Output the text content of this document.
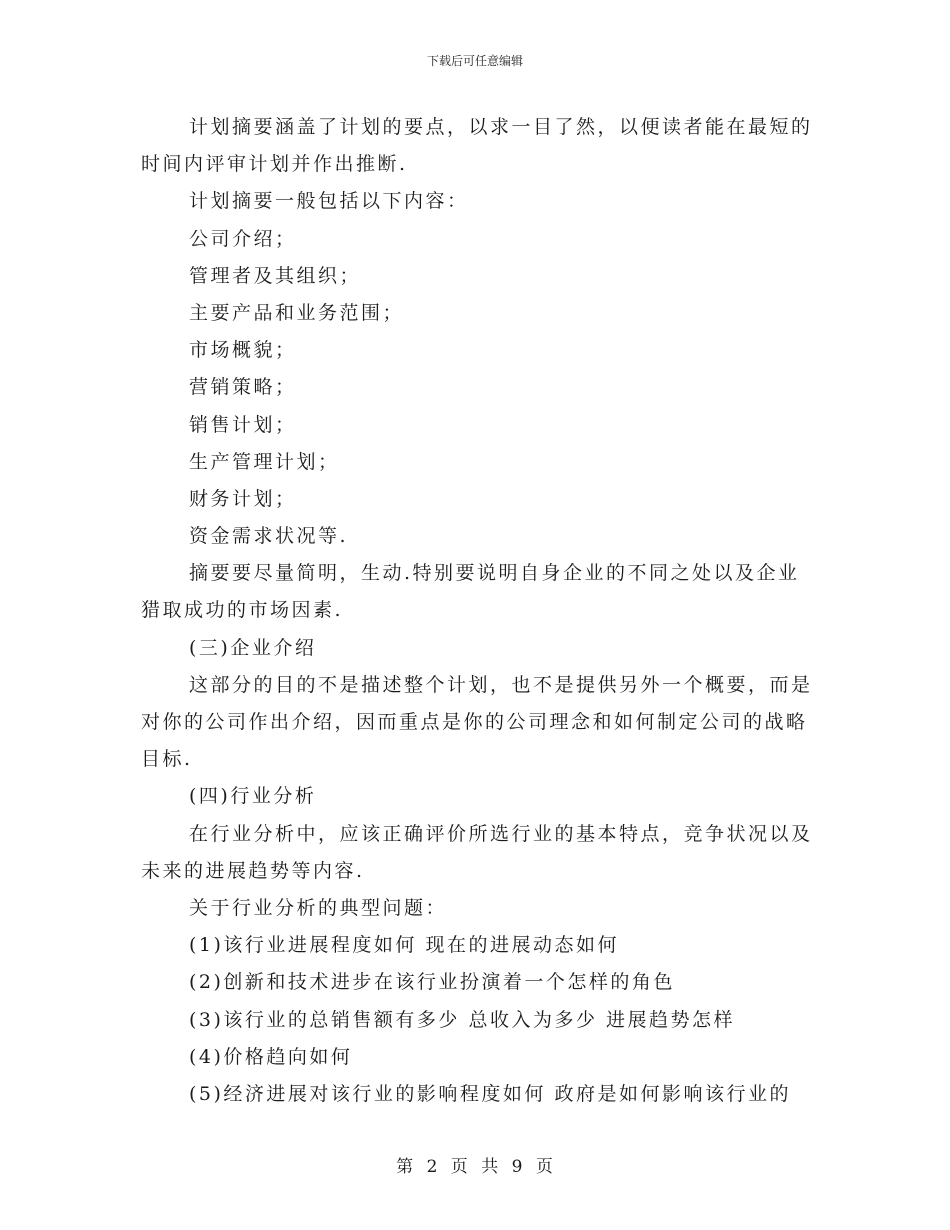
下载后可任意编辑
计划摘要涵盖了计划的要点，以求一目了然，以便读者能在最短的
时间内评审计划并作出推断.
计划摘要一般包括以下内容：
公司介绍；
管理者及其组织；
主要产品和业务范围；
市场概貌；
营销策略；
销售计划；
生产管理计划；
财务计划；
资金需求状况等.
摘要要尽量简明，生动.特别要说明自身企业的不同之处以及企业
猎取成功的市场因素.
(三)企业介绍
这部分的目的不是描述整个计划，也不是提供另外一个概要，而是
对你的公司作出介绍，因而重点是你的公司理念和如何制定公司的战略
目标.
(四)行业分析
在行业分析中，应该正确评价所选行业的基本特点，竞争状况以及
未来的进展趋势等内容.
关于行业分析的典型问题：
(1)该行业进展程度如何 现在的进展动态如何
(2)创新和技术进步在该行业扮演着一个怎样的角色
(3)该行业的总销售额有多少 总收入为多少 进展趋势怎样
(4)价格趋向如何
(5)经济进展对该行业的影响程度如何 政府是如何影响该行业的
第 2 页 共 9 页
